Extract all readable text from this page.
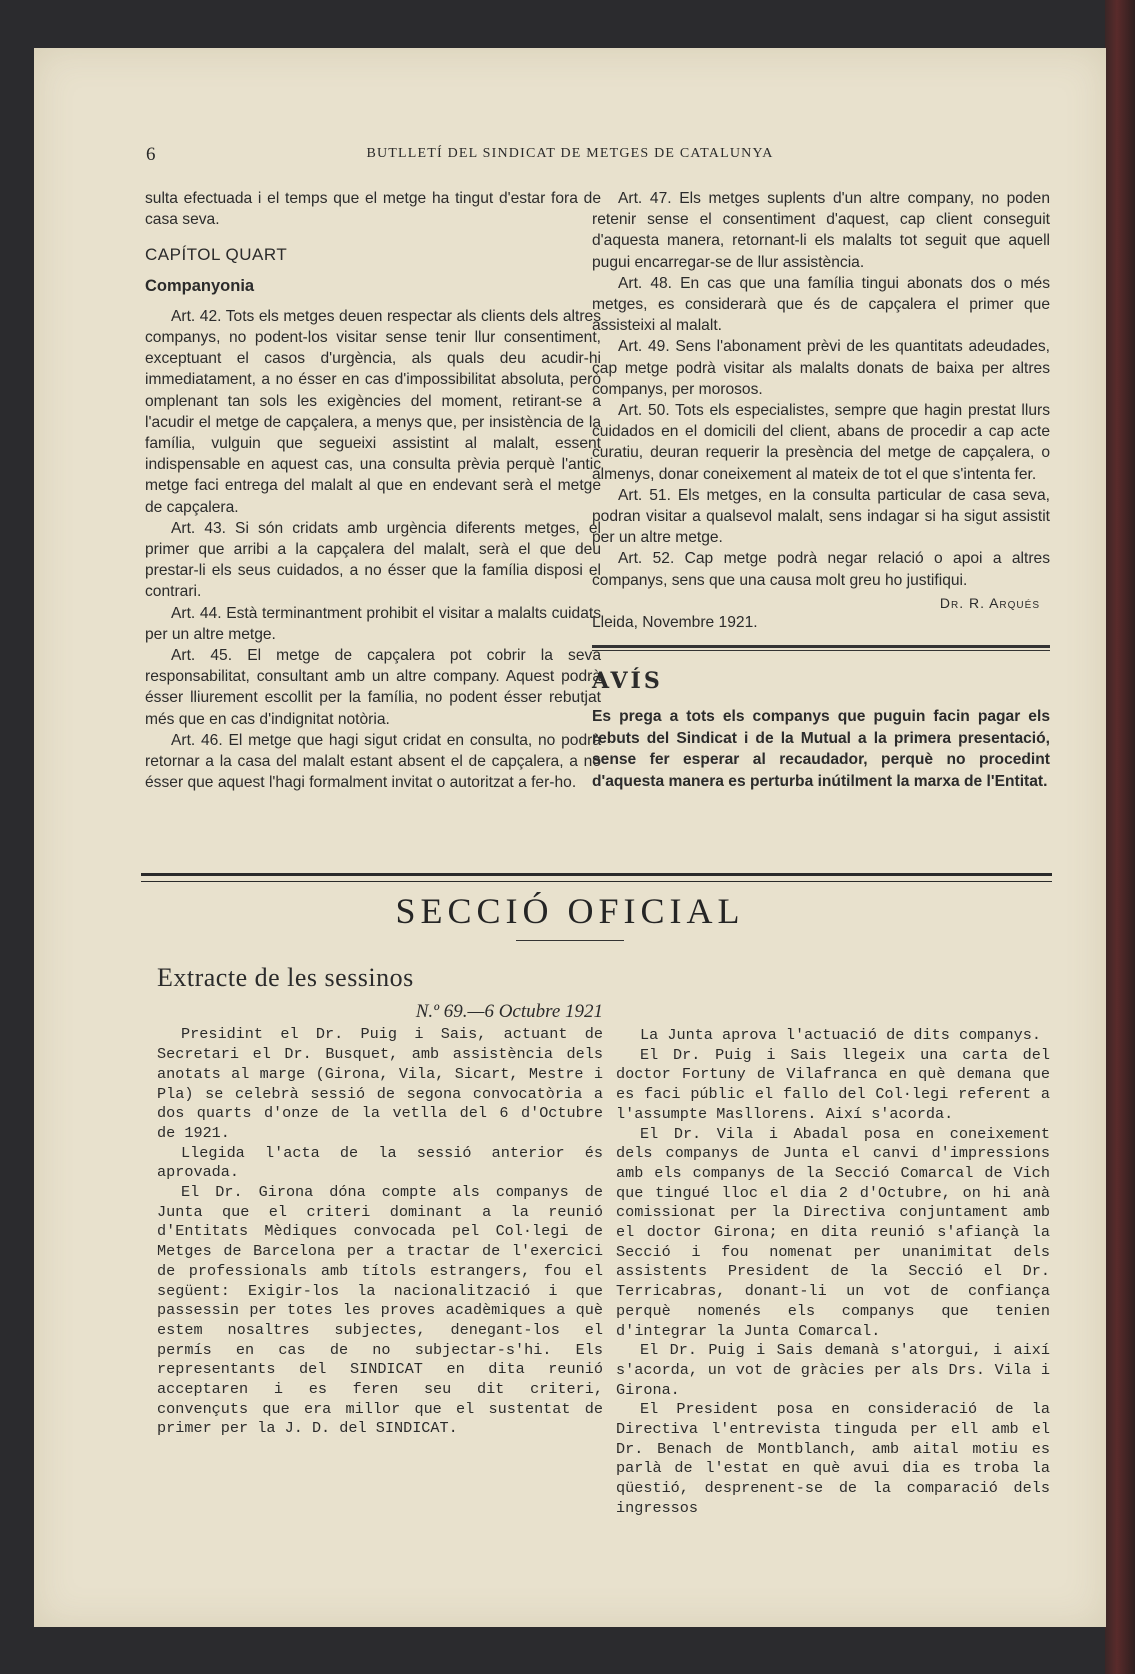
6	BUTLLETÍ DEL SINDICAT DE METGES DE CATALUNYA

sulta efectuada i el temps que el metge ha tingut d'estar fora de casa seva.

CAPÍTOL QUART

Companyonia

Art. 42. Tots els metges deuen respectar als clients dels altres companys, no podent-los visitar sense tenir llur consentiment, exceptuant el casos d'urgència, als quals deu acudir-hi immediatament, a no ésser en cas d'impossibilitat absoluta, però omplenant tan sols les exigències del moment, retirant-se a l'acudir el metge de capçalera, a menys que, per insistència de la família, vulguin que segueixi assistint al malalt, essent indispensable en aquest cas, una consulta prèvia perquè l'antic metge faci entrega del malalt al que en endevant serà el metge de capçalera.

Art. 43. Si són cridats amb urgència diferents metges, el primer que arribi a la capçalera del malalt, serà el que deu prestar-li els seus cuidados, a no ésser que la família disposi el contrari.

Art. 44. Està terminantment prohibit el visitar a malalts cuidats per un altre metge.

Art. 45. El metge de capçalera pot cobrir la seva responsabilitat, consultant amb un altre company. Aquest podrà ésser lliurement escollit per la família, no podent ésser rebutjat més que en cas d'indignitat notòria.

Art. 46. El metge que hagi sigut cridat en consulta, no podrà retornar a la casa del malalt estant absent el de capçalera, a no ésser que aquest l'hagi formalment invitat o autoritzat a fer-ho.

Art. 47. Els metges suplents d'un altre company, no poden retenir sense el consentiment d'aquest, cap client conseguit d'aquesta manera, retornant-li els malalts tot seguit que aquell pugui encarregar-se de llur assistència.

Art. 48. En cas que una família tingui abonats dos o més metges, es considerarà que és de capçalera el primer que assisteixi al malalt.

Art. 49. Sens l'abonament prèvi de les quantitats adeudades, cap metge podrà visitar als malalts donats de baixa per altres companys, per morosos.

Art. 50. Tots els especialistes, sempre que hagin prestat llurs cuidados en el domicili del client, abans de procedir a cap acte curatiu, deuran requerir la presència del metge de capçalera, o almenys, donar coneixement al mateix de tot el que s'intenta fer.

Art. 51. Els metges, en la consulta particular de casa seva, podran visitar a qualsevol malalt, sens indagar si ha sigut assistit per un altre metge.

Art. 52. Cap metge podrà negar relació o apoi a altres companys, sens que una causa molt greu ho justifiqui.

Dr. R. Arqués

Lleida, Novembre 1921.

AVÍS

Es prega a tots els companys que puguin facin pagar els rebuts del Sindicat i de la Mutual a la primera presentació, sense fer esperar al recaudador, perquè no procedint d'aquesta manera es perturba inútilment la marxa de l'Entitat.

SECCIÓ OFICIAL

Extracte de les sessinos

N.º 69.—6 Octubre 1921

Presidint el Dr. Puig i Sais, actuant de Secretari el Dr. Busquet, amb assistència dels anotats al marge (Girona, Vila, Sicart, Mestre i Pla) se celebrà sessió de segona convocatòria a dos quarts d'onze de la vetlla del 6 d'Octubre de 1921.

Llegida l'acta de la sessió anterior és aprovada.

El Dr. Girona dóna compte als companys de Junta que el criteri dominant a la reunió d'Entitats Mèdiques convocada pel Col·legi de Metges de Barcelona per a tractar de l'exercici de professionals amb títols estrangers, fou el següent: Exigir-los la nacionalització i que passessin per totes les proves acadèmiques a què estem nosaltres subjectes, denegant-los el permís en cas de no subjectar-s'hi. Els representants del SINDICAT en dita reunió acceptaren i es feren seu dit criteri, convençuts que era millor que el sustentat de primer per la J. D. del SINDICAT.

La Junta aprova l'actuació de dits companys.

El Dr. Puig i Sais llegeix una carta del doctor Fortuny de Vilafranca en què demana que es faci públic el fallo del Col·legi referent a l'assumpte Masllorens. Així s'acorda.

El Dr. Vila i Abadal posa en coneixement dels companys de Junta el canvi d'impressions amb els companys de la Secció Comarcal de Vich que tingué lloc el dia 2 d'Octubre, on hi anà comissionat per la Directiva conjuntament amb el doctor Girona; en dita reunió s'afiançà la Secció i fou nomenat per unanimitat dels assistents President de la Secció el Dr. Terricabras, donant-li un vot de confiança perquè nomenés els companys que tenien d'integrar la Junta Comarcal.

El Dr. Puig i Sais demanà s'atorgui, i així s'acorda, un vot de gràcies per als Drs. Vila i Girona.

El President posa en consideració de la Directiva l'entrevista tinguda per ell amb el Dr. Benach de Montblanch, amb aital motiu es parlà de l'estat en què avui dia es troba la qüestió, desprenent-se de la comparació dels ingressos
